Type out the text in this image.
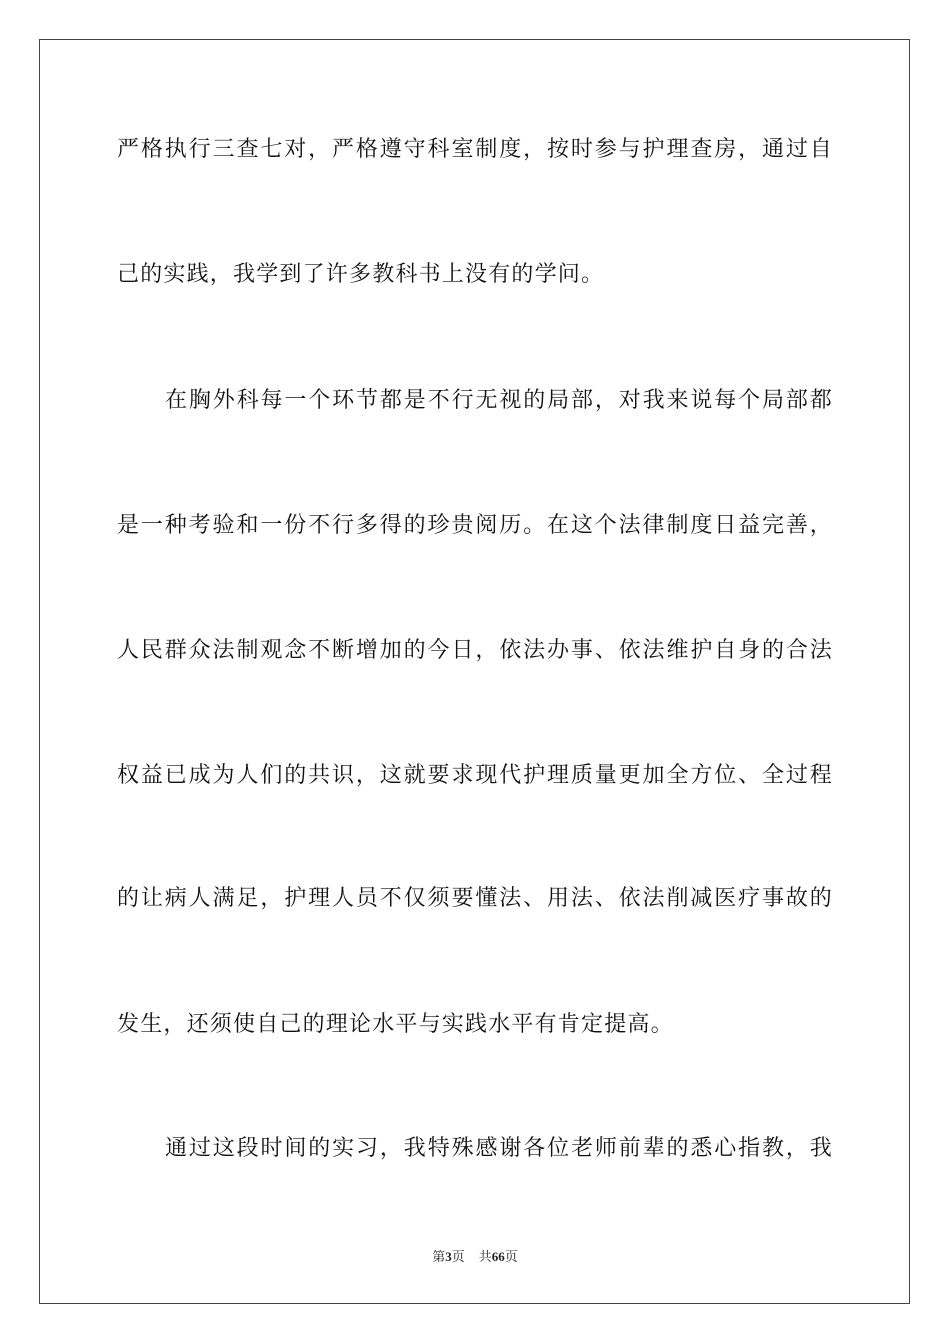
严格执行三查七对，严格遵守科室制度，按时参与护理查房，通过自
己的实践，我学到了许多教科书上没有的学问。
在胸外科每一个环节都是不行无视的局部，对我来说每个局部都
是一种考验和一份不行多得的珍贵阅历。在这个法律制度日益完善，
人民群众法制观念不断增加的今日，依法办事、依法维护自身的合法
权益已成为人们的共识，这就要求现代护理质量更加全方位、全过程
的让病人满足，护理人员不仅须要懂法、用法、依法削减医疗事故的
发生，还须使自己的理论水平与实践水平有肯定提高。
通过这段时间的实习，我特殊感谢各位老师前辈的悉心指教，我
第3页 共66页
